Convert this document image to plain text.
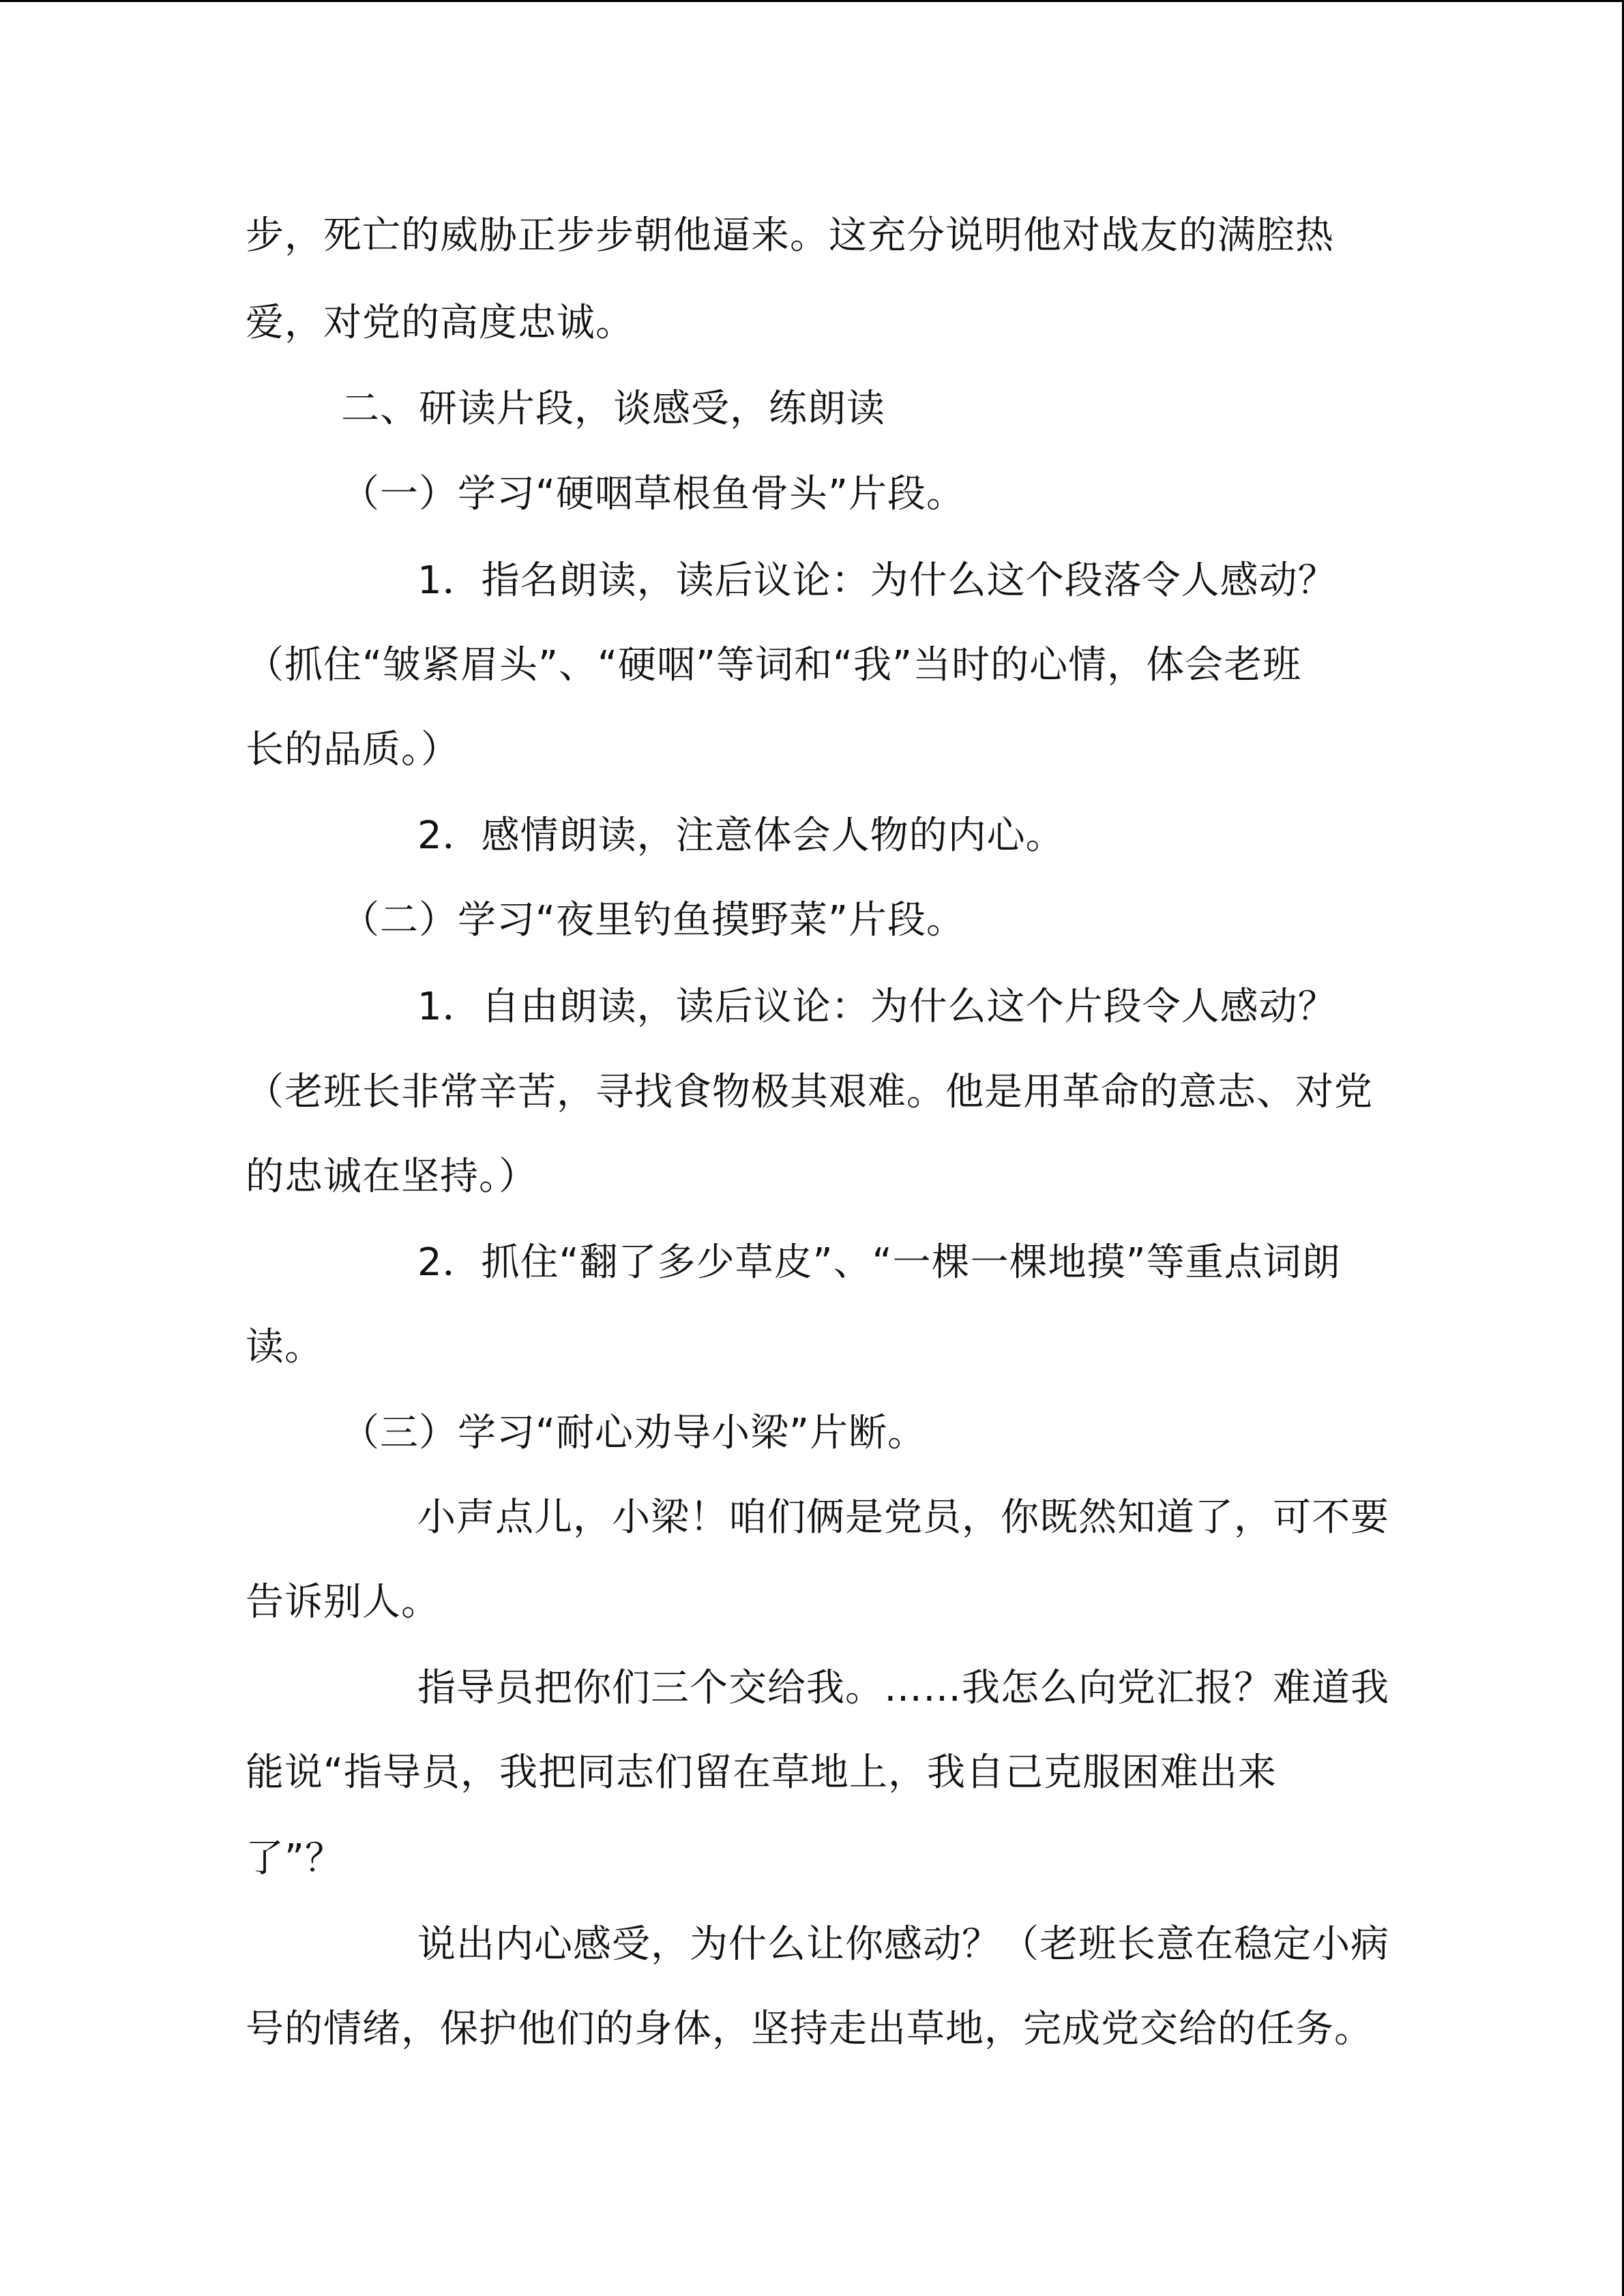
步，死亡的威胁正步步朝他逼来。这充分说明他对战友的满腔热
爱，对党的高度忠诚。
二、研读片段，谈感受，练朗读
（一）学习“硬咽草根鱼骨头”片段。
1．指名朗读，读后议论：为什么这个段落令人感动？
（抓住“皱紧眉头”、“硬咽”等词和“我”当时的心情，体会老班
长的品质。）
2．感情朗读，注意体会人物的内心。
（二）学习“夜里钓鱼摸野菜”片段。
1．自由朗读，读后议论：为什么这个片段令人感动？
（老班长非常辛苦，寻找食物极其艰难。他是用革命的意志、对党
的忠诚在坚持。）
2．抓住“翻了多少草皮”、“一棵一棵地摸”等重点词朗
读。
（三）学习“耐心劝导小梁”片断。
小声点儿，小梁！咱们俩是党员，你既然知道了，可不要
告诉别人。
指导员把你们三个交给我。……我怎么向党汇报？难道我
能说“指导员，我把同志们留在草地上，我自己克服困难出来
了”？
说出内心感受，为什么让你感动？（老班长意在稳定小病
号的情绪，保护他们的身体，坚持走出草地，完成党交给的任务。
